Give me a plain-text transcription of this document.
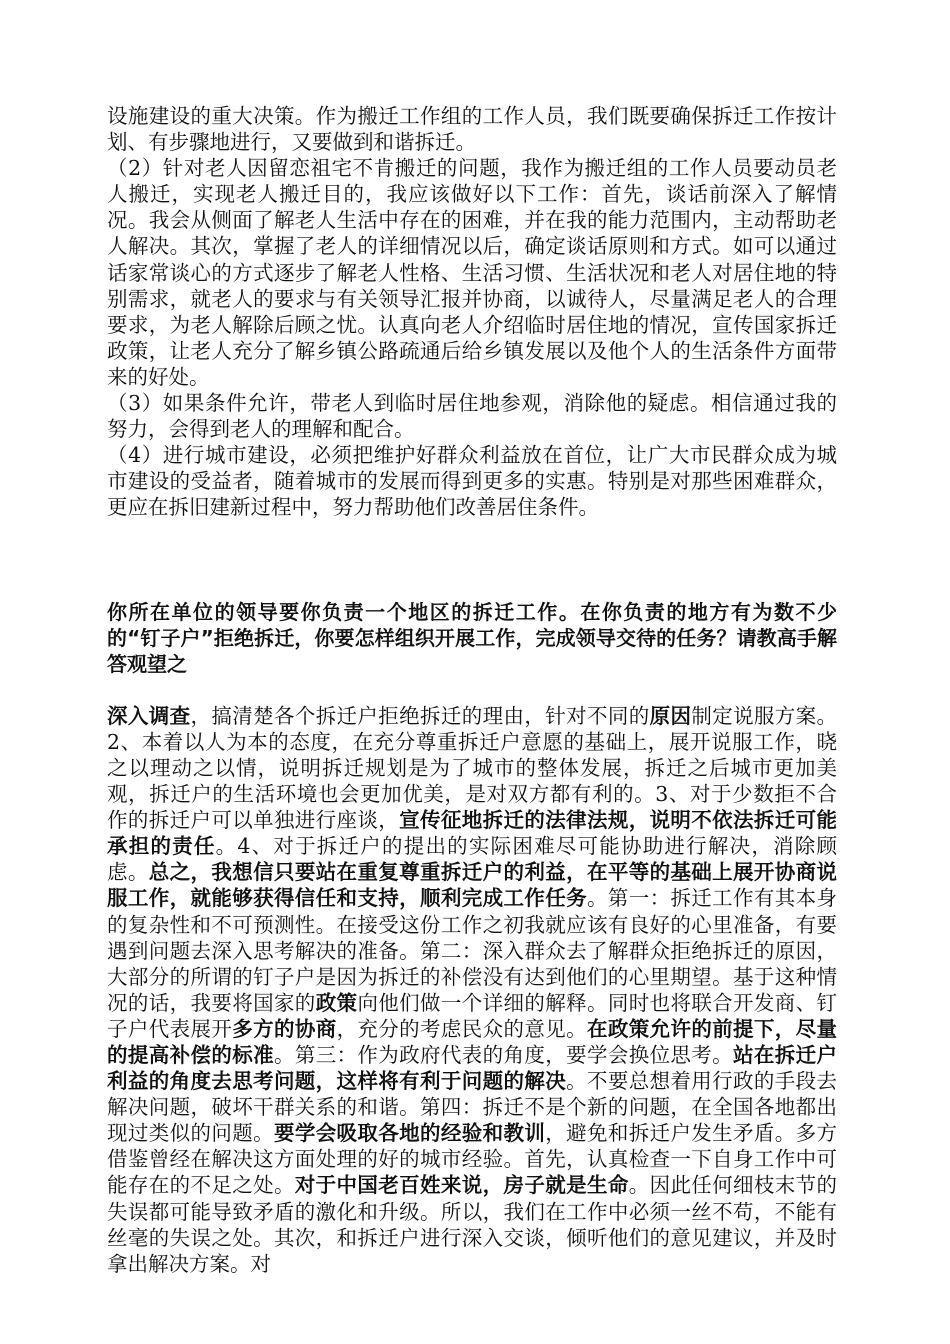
设施建设的重大决策。作为搬迁工作组的工作人员，我们既要确保拆迁工作按计划、有步骤地进行，又要做到和谐拆迁。

（2）针对老人因留恋祖宅不肯搬迁的问题，我作为搬迁组的工作人员要动员老人搬迁，实现老人搬迁目的，我应该做好以下工作：首先，谈话前深入了解情况。我会从侧面了解老人生活中存在的困难，并在我的能力范围内，主动帮助老人解决。其次，掌握了老人的详细情况以后，确定谈话原则和方式。如可以通过话家常谈心的方式逐步了解老人性格、生活习惯、生活状况和老人对居住地的特别需求，就老人的要求与有关领导汇报并协商，以诚待人，尽量满足老人的合理要求，为老人解除后顾之忧。认真向老人介绍临时居住地的情况，宣传国家拆迁政策，让老人充分了解乡镇公路疏通后给乡镇发展以及他个人的生活条件方面带来的好处。

（3）如果条件允许，带老人到临时居住地参观，消除他的疑虑。相信通过我的努力，会得到老人的理解和配合。

（4）进行城市建设，必须把维护好群众利益放在首位，让广大市民群众成为城市建设的受益者，随着城市的发展而得到更多的实惠。特别是对那些困难群众，更应在拆旧建新过程中，努力帮助他们改善居住条件。

你所在单位的领导要你负责一个地区的拆迁工作。在你负责的地方有为数不少的“钉子户”拒绝拆迁，你要怎样组织开展工作，完成领导交待的任务？请教高手解答观望之

深入调查，搞清楚各个拆迁户拒绝拆迁的理由，针对不同的原因制定说服方案。2、本着以人为本的态度，在充分尊重拆迁户意愿的基础上，展开说服工作，晓之以理动之以情，说明拆迁规划是为了城市的整体发展，拆迁之后城市更加美观，拆迁户的生活环境也会更加优美，是对双方都有利的。3、对于少数拒不合作的拆迁户可以单独进行座谈，宣传征地拆迁的法律法规，说明不依法拆迁可能承担的责任。4、对于拆迁户的提出的实际困难尽可能协助进行解决，消除顾虑。总之，我想信只要站在重复尊重拆迁户的利益，在平等的基础上展开协商说服工作，就能够获得信任和支持，顺利完成工作任务。第一：拆迁工作有其本身的复杂性和不可预测性。在接受这份工作之初我就应该有良好的心里准备，有要遇到问题去深入思考解决的准备。第二：深入群众去了解群众拒绝拆迁的原因，大部分的所谓的钉子户是因为拆迁的补偿没有达到他们的心里期望。基于这种情况的话，我要将国家的政策向他们做一个详细的解释。同时也将联合开发商、钉子户代表展开多方的协商，充分的考虑民众的意见。在政策允许的前提下，尽量的提高补偿的标准。第三：作为政府代表的角度，要学会换位思考。站在拆迁户利益的角度去思考问题，这样将有利于问题的解决。不要总想着用行政的手段去解决问题，破坏干群关系的和谐。第四：拆迁不是个新的问题，在全国各地都出现过类似的问题。要学会吸取各地的经验和教训，避免和拆迁户发生矛盾。多方借鉴曾经在解决这方面处理的好的城市经验。首先，认真检查一下自身工作中可能存在的不足之处。对于中国老百姓来说，房子就是生命。因此任何细枝末节的失误都可能导致矛盾的激化和升级。所以，我们在工作中必须一丝不苟，不能有丝毫的失误之处。其次，和拆迁户进行深入交谈，倾听他们的意见建议，并及时拿出解决方案。对
